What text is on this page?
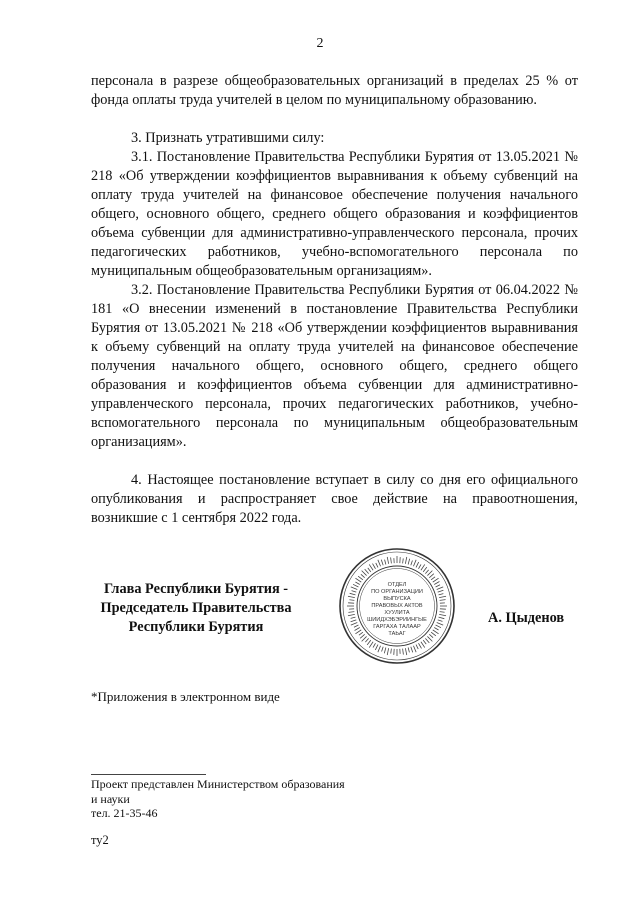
2

персонала в разрезе общеобразовательных организаций в пределах 25 % от фонда оплаты труда учителей в целом по муниципальному образованию.

3. Признать утратившими силу:

3.1. Постановление Правительства Республики Бурятия от 13.05.2021 № 218 «Об утверждении коэффициентов выравнивания к объему субвенций на оплату труда учителей на финансовое обеспечение получения начального общего, основного общего, среднего общего образования и коэффициентов объема субвенции для административно-управленческого персонала, прочих педагогических работников, учебно-вспомогательного персонала по муниципальным общеобразовательным организациям».

3.2. Постановление Правительства Республики Бурятия от 06.04.2022 № 181 «О внесении изменений в постановление Правительства Республики Бурятия от 13.05.2021 № 218 «Об утверждении коэффициентов выравнивания к объему субвенций на оплату труда учителей на финансовое обеспечение получения начального общего, основного общего, среднего общего образования и коэффициентов объема субвенции для административно-управленческого персонала, прочих педагогических работников, учебно-вспомогательного персонала по муниципальным общеобразовательным организациям».

4. Настоящее постановление вступает в силу со дня его официального опубликования и распространяет свое действие на правоотношения, возникшие с 1 сентября 2022 года.

Глава Республики Бурятия -
Председатель Правительства
Республики Бурятия
ОТДЕЛ
ПО ОРГАНИЗАЦИИ
ВЫПУСКА
ПРАВОВЫХ АКТОВ
ХУУЛИТА
ШИИДХЭБЭРИИНГЫЕ
ГАРГАХА ТАЛААР
ТАЬАГ
А. Цыденов
*Приложения в электронном виде
Проект представлен Министерством образования
и науки
тел. 21-35-46
ту2
